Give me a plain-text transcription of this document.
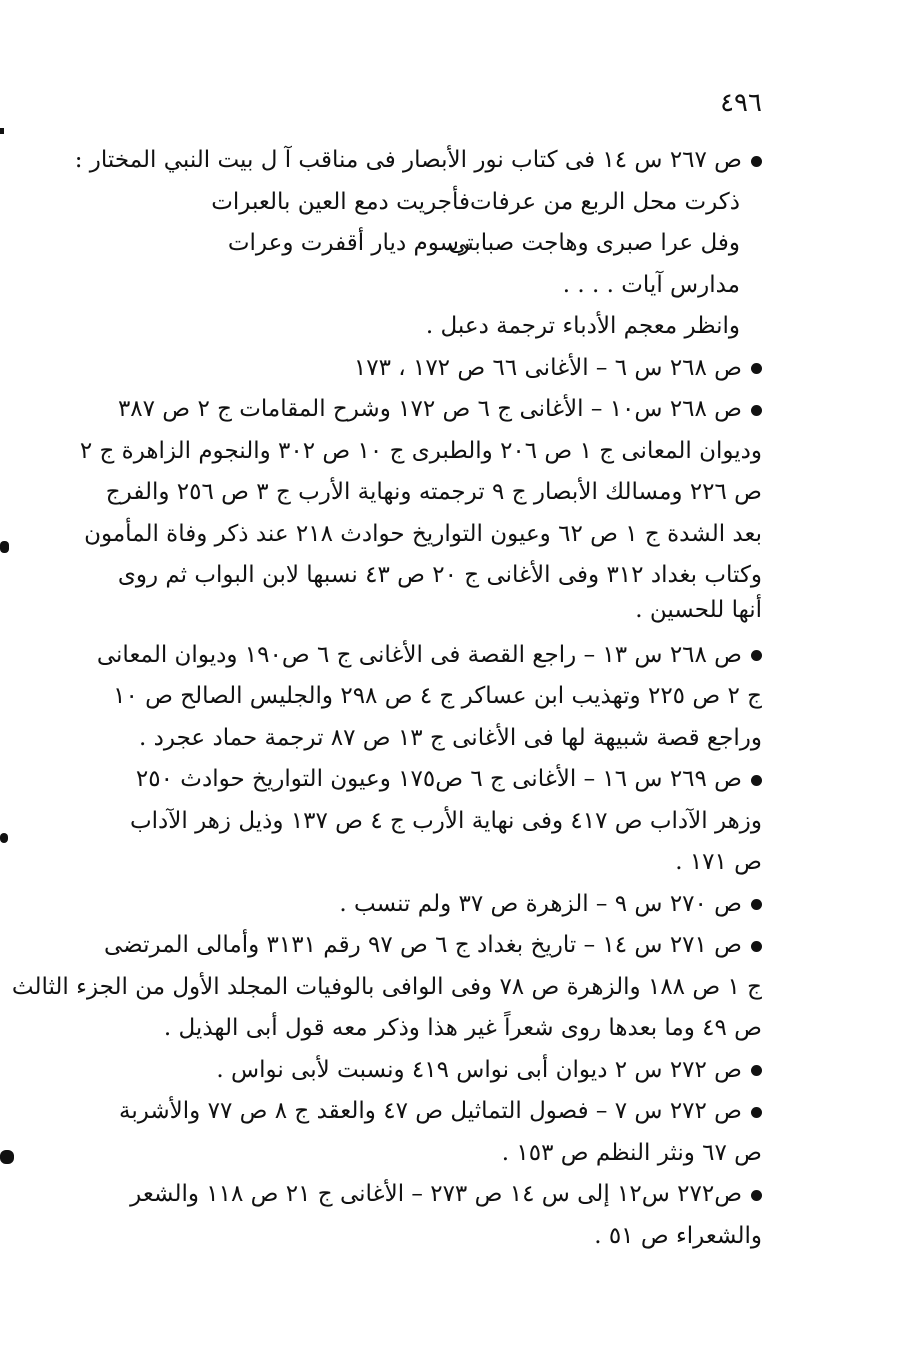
٤٩٦
ص ٢٦٧ س ١٤ فى كتاب نور الأبصار فى مناقب آ ل بيت النبي المختار :
ذكرت محل الربع من عرفات
فأجريت دمع العين بالعبرات
وفل عرا صبرى وهاجت صبابتى
رسوم ديار أقفرت وعرات
مدارس آيات . . . .
وانظر معجم الأدباء ترجمة دعبل .
ص ٢٦٨ س ٦ – الأغانى ٦٦ ص ١٧٢ ، ١٧٣
ص ٢٦٨ س١٠ – الأغانى ج ٦ ص ١٧٢ وشرح المقامات ج ٢ ص ٣٨٧
وديوان المعانى ج ١ ص ٢٠٦ والطبرى ج ١٠ ص ٣٠٢ والنجوم الزاهرة ج ٢
ص ٢٢٦ ومسالك الأبصار ج ٩ ترجمته ونهاية الأرب ج ٣ ص ٢٥٦ والفرج
بعد الشدة ج ١ ص ٦٢ وعيون التواريخ حوادث ٢١٨ عند ذكر وفاة المأمون
وكتاب بغداد ٣١٢ وفى الأغانى ج ٢٠ ص ٤٣ نسبها لابن البواب ثم روى
أنها للحسين .
ص ٢٦٨ س ١٣ – راجع القصة فى الأغانى ج ٦ ص١٩٠ وديوان المعانى
ج ٢ ص ٢٢٥ وتهذيب ابن عساكر ج ٤ ص ٢٩٨ والجليس الصالح ص ١٠
وراجع قصة شبيهة لها فى الأغانى ج ١٣ ص ٨٧ ترجمة حماد عجرد .
ص ٢٦٩ س ١٦ – الأغانى ج ٦ ص١٧٥ وعيون التواريخ حوادث ٢٥٠
وزهر الآداب ص ٤١٧ وفى نهاية الأرب ج ٤ ص ١٣٧ وذيل زهر الآداب
ص ١٧١ .
ص ٢٧٠ س ٩ – الزهرة ص ٣٧ ولم تنسب .
ص ٢٧١ س ١٤ – تاريخ بغداد ج ٦ ص ٩٧ رقم ٣١٣١ وأمالى المرتضى
ج ١ ص ١٨٨ والزهرة ص ٧٨ وفى الوافى بالوفيات المجلد الأول من الجزء الثالث
ص ٤٩ وما بعدها روى شعراً غير هذا وذكر معه قول أبى الهذيل .
ص ٢٧٢ س ٢ ديوان أبى نواس ٤١٩ ونسبت لأبى نواس .
ص ٢٧٢ س ٧ – فصول التماثيل ص ٤٧ والعقد ج ٨ ص ٧٧ والأشربة
ص ٦٧ ونثر النظم ص ١٥٣ .
ص٢٧٢ س١٢ إلى س ١٤ ص ٢٧٣ – الأغانى ج ٢١ ص ١١٨ والشعر
والشعراء ص ٥١ .
